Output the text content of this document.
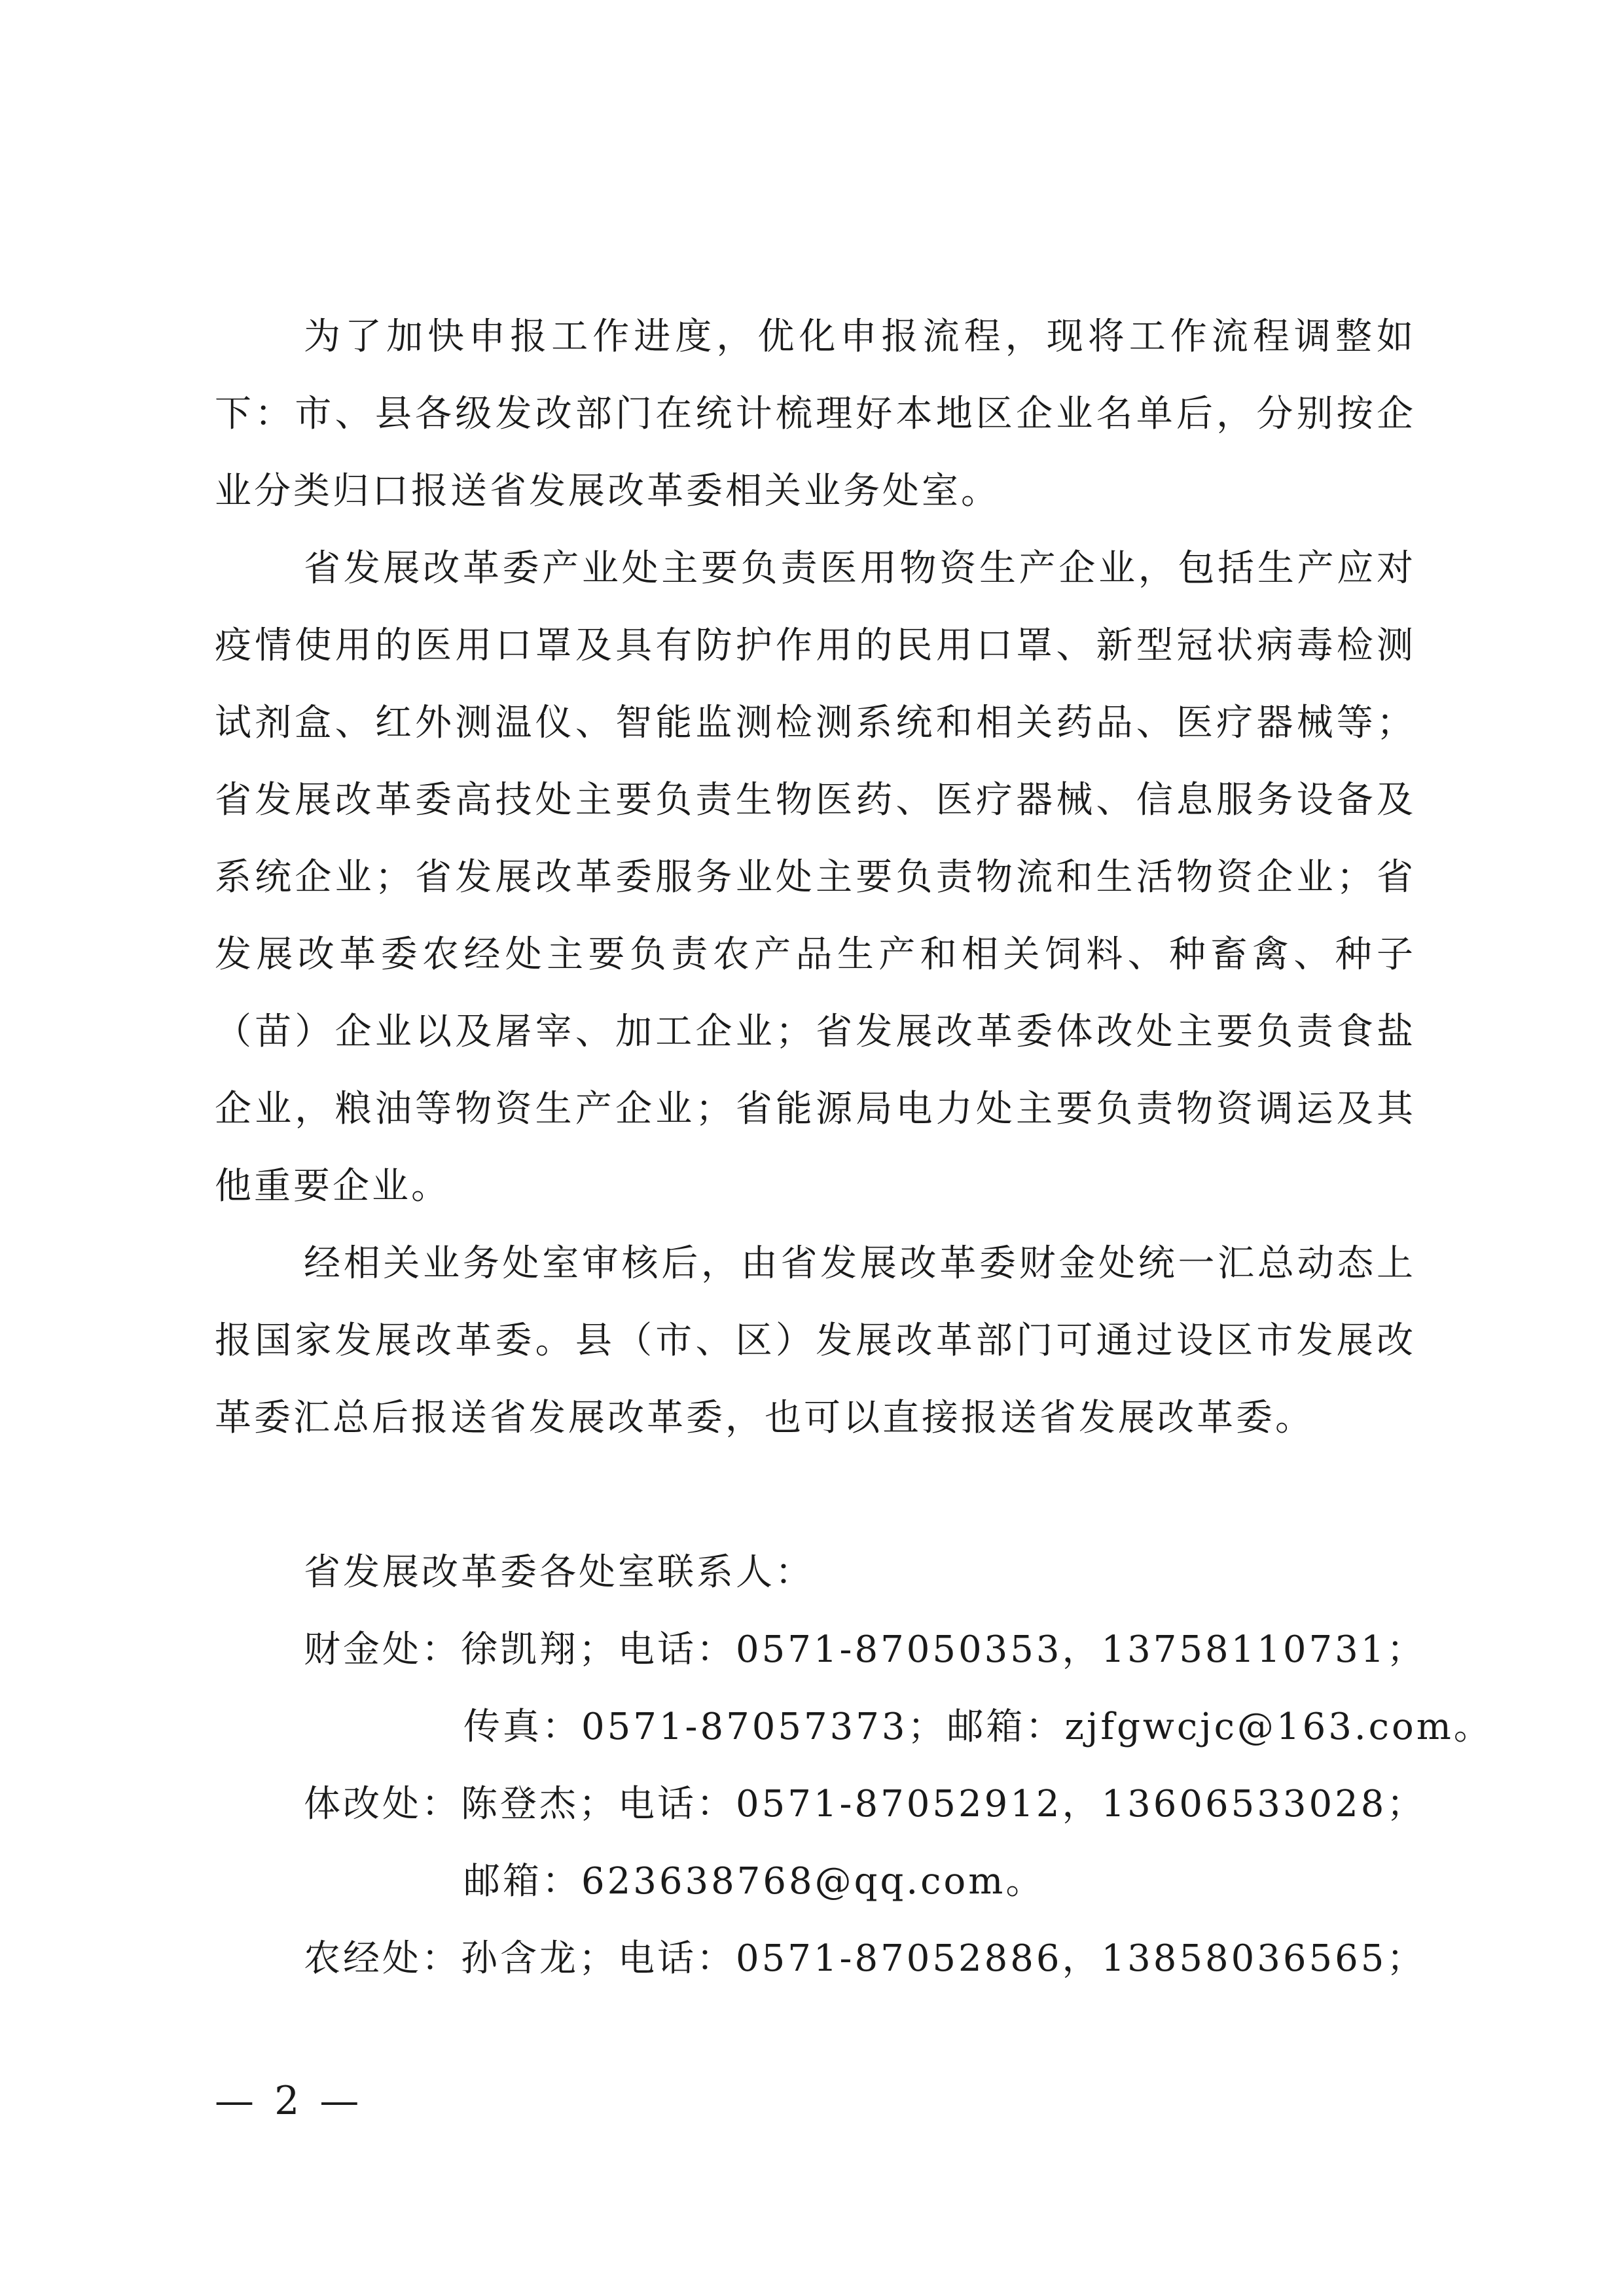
为了加快申报工作进度，优化申报流程，现将工作流程调整如下：市、县各级发改部门在统计梳理好本地区企业名单后，分别按企业分类归口报送省发展改革委相关业务处室。

省发展改革委产业处主要负责医用物资生产企业，包括生产应对疫情使用的医用口罩及具有防护作用的民用口罩、新型冠状病毒检测试剂盒、红外测温仪、智能监测检测系统和相关药品、医疗器械等；省发展改革委高技处主要负责生物医药、医疗器械、信息服务设备及系统企业；省发展改革委服务业处主要负责物流和生活物资企业；省发展改革委农经处主要负责农产品生产和相关饲料、种畜禽、种子（苗）企业以及屠宰、加工企业；省发展改革委体改处主要负责食盐企业，粮油等物资生产企业；省能源局电力处主要负责物资调运及其他重要企业。

经相关业务处室审核后，由省发展改革委财金处统一汇总动态上报国家发展改革委。县（市、区）发展改革部门可通过设区市发展改革委汇总后报送省发展改革委，也可以直接报送省发展改革委。

省发展改革委各处室联系人：

财金处：徐凯翔；电话：0571-87050353，13758110731；

传真：0571-87057373；邮箱：zjfgwcjc@163.com。

体改处：陈登杰；电话：0571-87052912，13606533028；

邮箱：623638768@qq.com。

农经处：孙含龙；电话：0571-87052886，13858036565；

— 2 —
